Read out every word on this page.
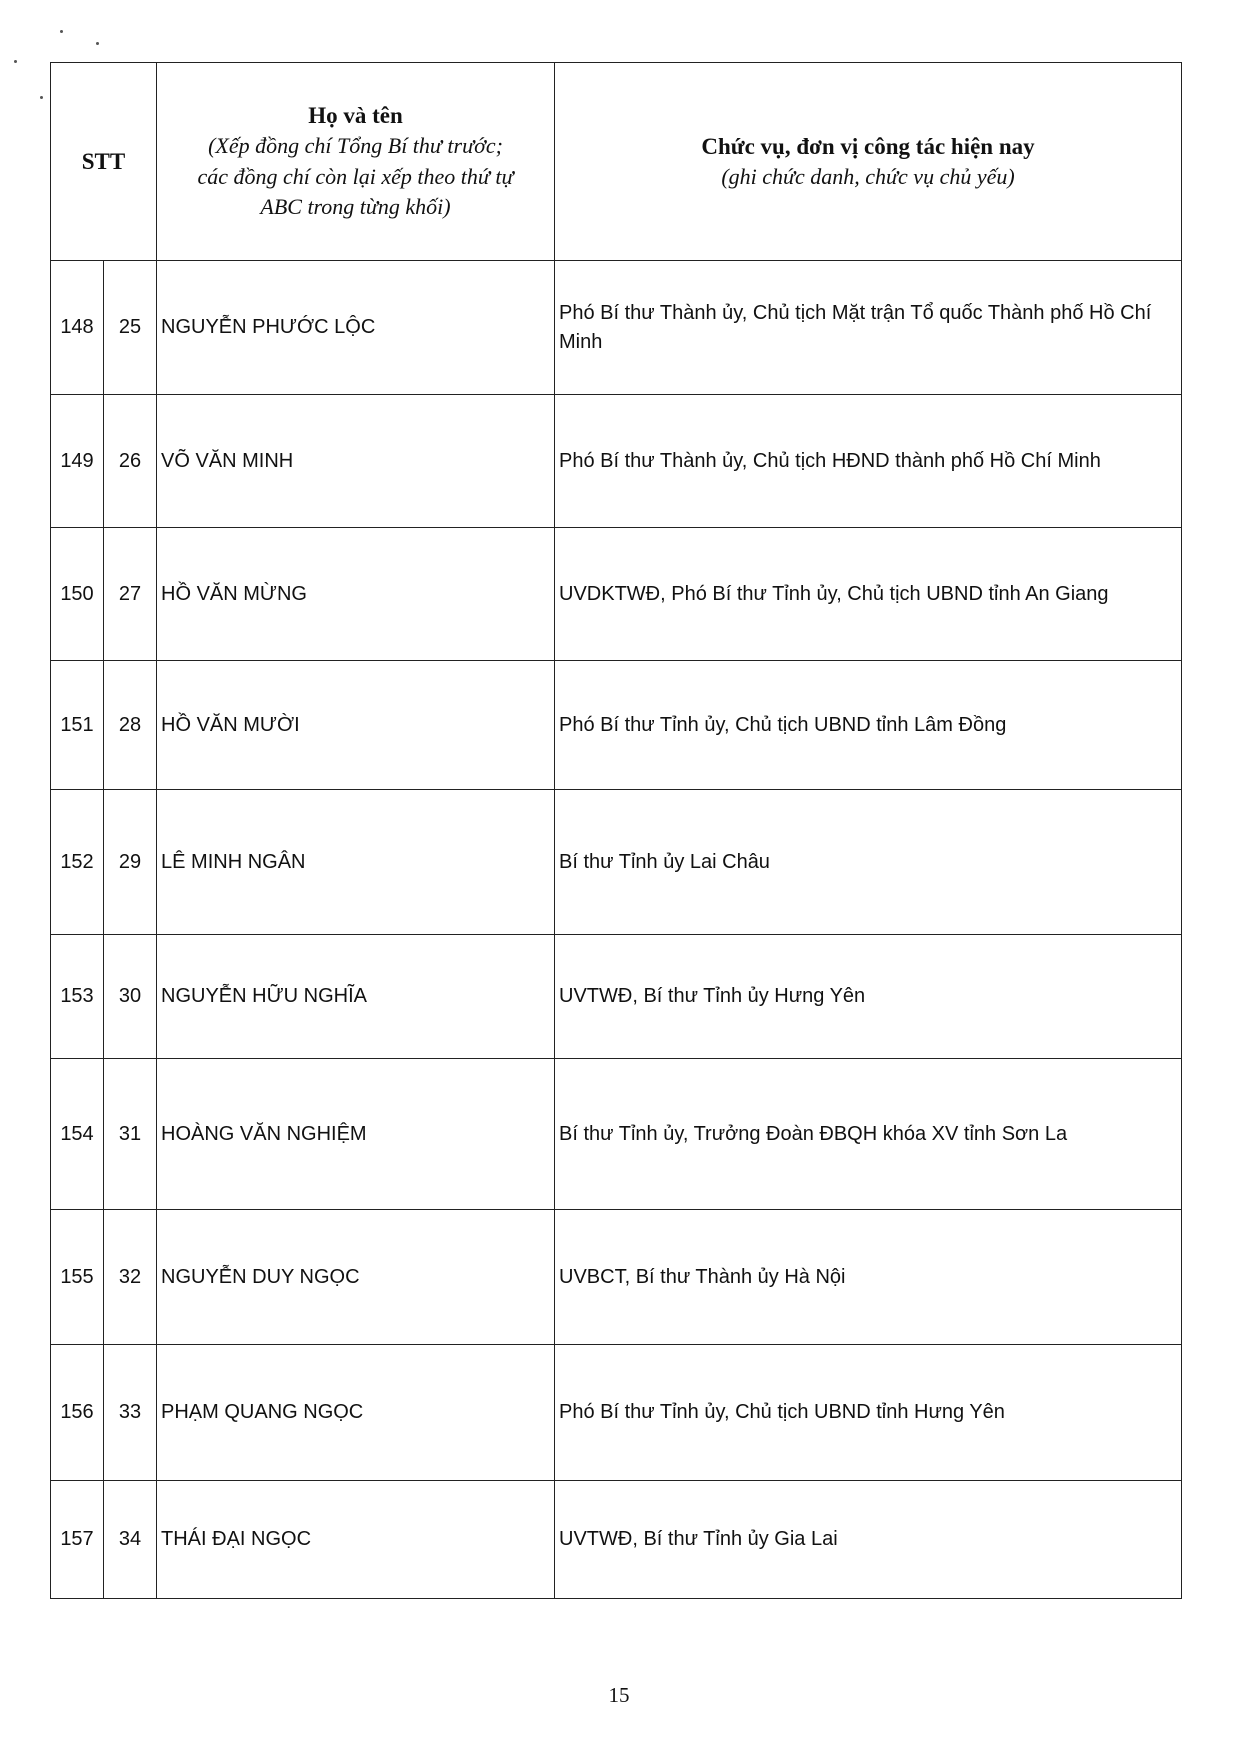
STT		Họ và tên
(Xếp đồng chí Tổng Bí thư trước;
các đồng chí còn lại xếp theo thứ tự
ABC trong từng khối)	Chức vụ, đơn vị công tác hiện nay
(ghi chức danh, chức vụ chủ yếu)

148	25	NGUYỄN PHƯỚC LỘC	Phó Bí thư Thành ủy, Chủ tịch Mặt trận Tổ quốc Thành phố Hồ Chí Minh
149	26	VÕ VĂN MINH	Phó Bí thư Thành ủy, Chủ tịch HĐND thành phố Hồ Chí Minh
150	27	HỒ VĂN MỪNG	UVDKTWĐ, Phó Bí thư Tỉnh ủy, Chủ tịch UBND tỉnh An Giang
151	28	HỒ VĂN MƯỜI	Phó Bí thư Tỉnh ủy, Chủ tịch UBND tỉnh Lâm Đồng
152	29	LÊ MINH NGÂN	Bí thư Tỉnh ủy Lai Châu
153	30	NGUYỄN HỮU NGHĨA	UVTWĐ, Bí thư Tỉnh ủy Hưng Yên
154	31	HOÀNG VĂN NGHIỆM	Bí thư Tỉnh ủy, Trưởng Đoàn ĐBQH khóa XV tỉnh Sơn La
155	32	NGUYỄN DUY NGỌC	UVBCT, Bí thư Thành ủy Hà Nội
156	33	PHẠM QUANG NGỌC	Phó Bí thư Tỉnh ủy, Chủ tịch UBND tỉnh Hưng Yên
157	34	THÁI ĐẠI NGỌC	UVTWĐ, Bí thư Tỉnh ủy Gia Lai
15
